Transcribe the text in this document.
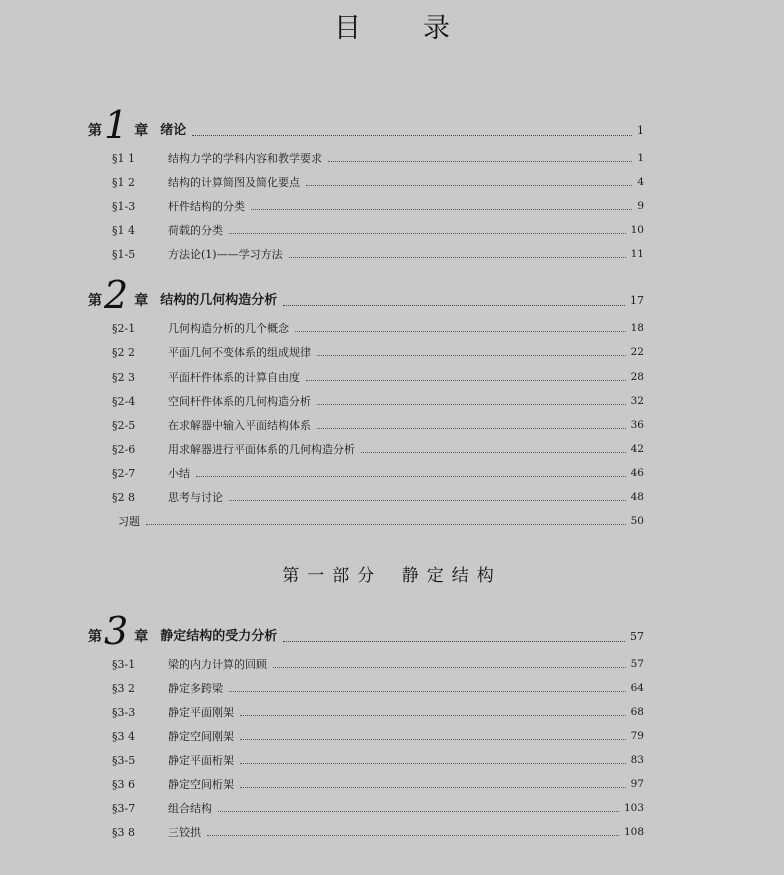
目录
第 1 章 绪论	1
§1 1	结构力学的学科内容和教学要求	1
§1 2	结构的计算简图及简化要点	4
§1-3	杆件结构的分类	9
§1 4	荷载的分类	10
§1-5	方法论(1)——学习方法	11
第 2 章 结构的几何构造分析	17
§2-1	几何构造分析的几个概念	18
§2 2	平面几何不变体系的组成规律	22
§2 3	平面杆件体系的计算自由度	28
§2-4	空间杆件体系的几何构造分析	32
§2-5	在求解器中输入平面结构体系	36
§2-6	用求解器进行平面体系的几何构造分析	42
§2-7	小结	46
§2 8	思考与讨论	48
习题	50
第一部分 静定结构
第 3 章 静定结构的受力分析	57
§3-1	梁的内力计算的回顾	57
§3 2	静定多跨梁	64
§3-3	静定平面刚架	68
§3 4	静定空间刚架	79
§3-5	静定平面桁架	83
§3 6	静定空间桁架	97
§3-7	组合结构	103
§3 8	三铰拱	108
